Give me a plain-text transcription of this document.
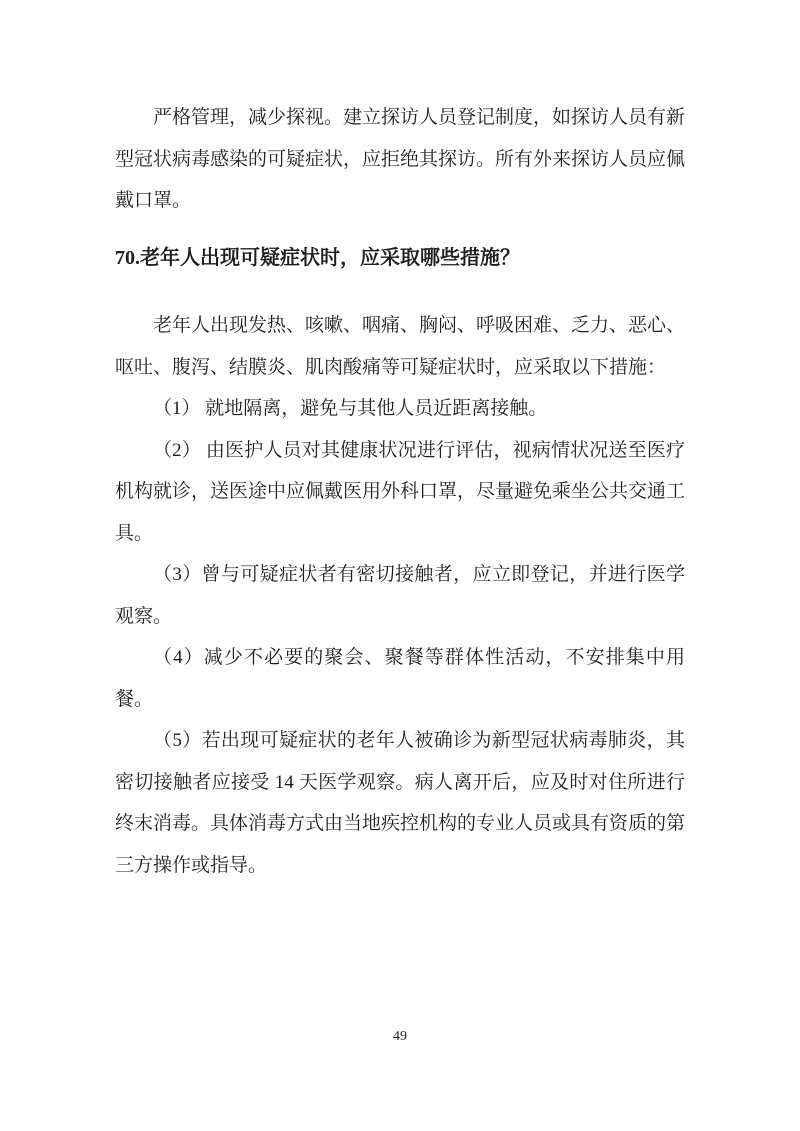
严格管理，减少探视。建立探访人员登记制度，如探访人员有新型冠状病毒感染的可疑症状，应拒绝其探访。所有外来探访人员应佩戴口罩。

70.老年人出现可疑症状时，应采取哪些措施？

老年人出现发热、咳嗽、咽痛、胸闷、呼吸困难、乏力、恶心、呕吐、腹泻、结膜炎、肌肉酸痛等可疑症状时，应采取以下措施：

（1） 就地隔离，避免与其他人员近距离接触。

（2） 由医护人员对其健康状况进行评估，视病情状况送至医疗机构就诊，送医途中应佩戴医用外科口罩，尽量避免乘坐公共交通工具。

（3）曾与可疑症状者有密切接触者，应立即登记，并进行医学观察。

（4）减少不必要的聚会、聚餐等群体性活动，不安排集中用餐。

（5）若出现可疑症状的老年人被确诊为新型冠状病毒肺炎，其密切接触者应接受 14 天医学观察。病人离开后，应及时对住所进行终末消毒。具体消毒方式由当地疾控机构的专业人员或具有资质的第三方操作或指导。

49
